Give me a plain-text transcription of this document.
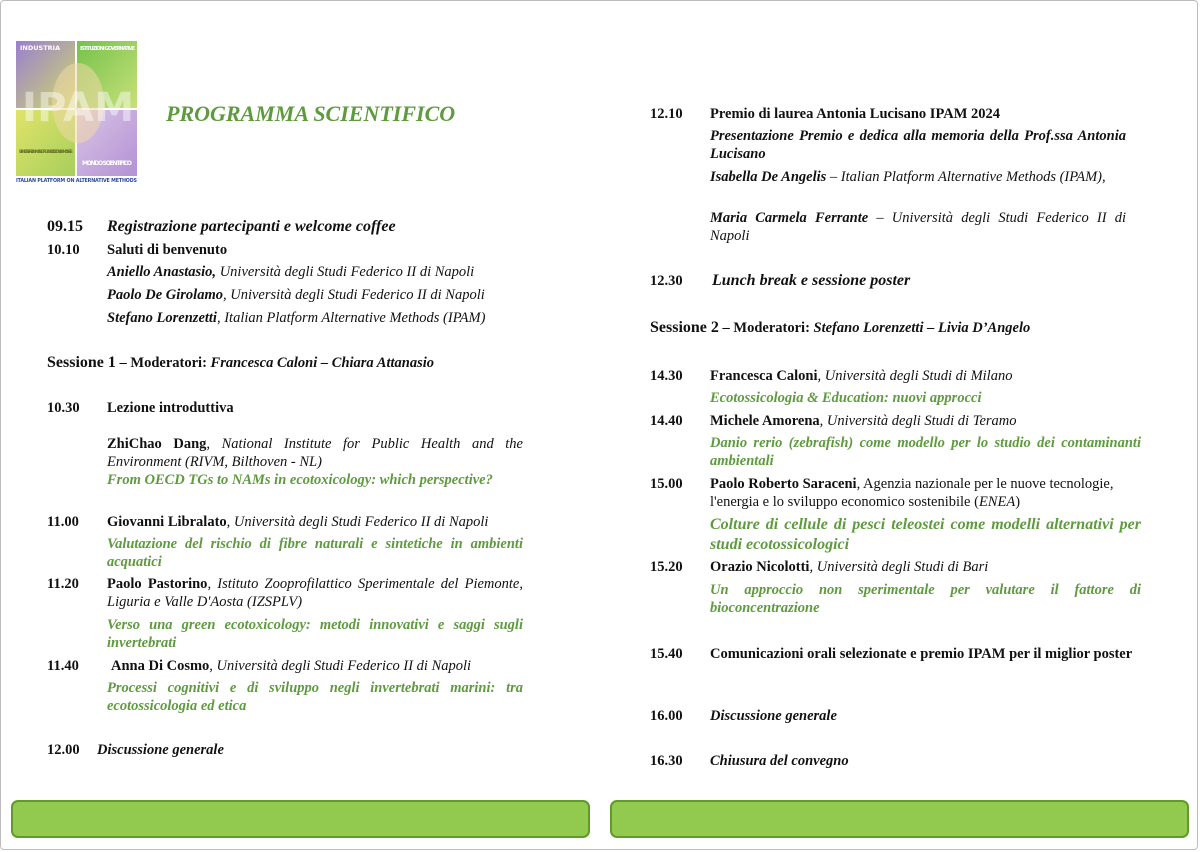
INDUSTRIA	ISTITUZIONI GOVERNATIVE
BENESSERE ANIMALE ORGANIZZAZIONI ANIMALISTE
MONDO SCIENTIFICO
IPAM
ITALIAN PLATFORM ON ALTERNATIVE METHODS
PROGRAMMA SCIENTIFICO
09.15 Registrazione partecipanti e welcome coffee
10.10 Saluti di benvenuto
Aniello Anastasio, Università degli Studi Federico II di Napoli
Paolo De Girolamo, Università degli Studi Federico II di Napoli
Stefano Lorenzetti, Italian Platform Alternative Methods (IPAM)
Sessione 1 – Moderatori: Francesca Caloni – Chiara Attanasio
10.30 Lezione introduttiva
ZhiChao Dang, National Institute for Public Health and the Environment (RIVM, Bilthoven - NL)
From OECD TGs to NAMs in ecotoxicology: which perspective?
11.00 Giovanni Libralato, Università degli Studi Federico II di Napoli
Valutazione del rischio di fibre naturali e sintetiche in ambienti acquatici
11.20 Paolo Pastorino, Istituto Zooprofilattico Sperimentale del Piemonte, Liguria e Valle D'Aosta (IZSPLV)
Verso una green ecotoxicology: metodi innovativi e saggi sugli invertebrati
11.40 Anna Di Cosmo, Università degli Studi Federico II di Napoli
Processi cognitivi e di sviluppo negli invertebrati marini: tra ecotossicologia ed etica
12.00 Discussione generale
12.10 Premio di laurea Antonia Lucisano IPAM 2024
Presentazione Premio e dedica alla memoria della Prof.ssa Antonia Lucisano
Isabella De Angelis – Italian Platform Alternative Methods (IPAM),
Maria Carmela Ferrante – Università degli Studi Federico II di Napoli
12.30 Lunch break e sessione poster
Sessione 2 – Moderatori: Stefano Lorenzetti – Livia D’Angelo
14.30 Francesca Caloni, Università degli Studi di Milano
Ecotossicologia & Education: nuovi approcci
14.40 Michele Amorena, Università degli Studi di Teramo
Danio rerio (zebrafish) come modello per lo studio dei contaminanti ambientali
15.00 Paolo Roberto Saraceni, Agenzia nazionale per le nuove tecnologie, l'energia e lo sviluppo economico sostenibile (ENEA)
Colture di cellule di pesci teleostei come modelli alternativi per studi ecotossicologici
15.20 Orazio Nicolotti, Università degli Studi di Bari
Un approccio non sperimentale per valutare il fattore di bioconcentrazione
15.40 Comunicazioni orali selezionate e premio IPAM per il miglior poster
16.00 Discussione generale
16.30 Chiusura del convegno
